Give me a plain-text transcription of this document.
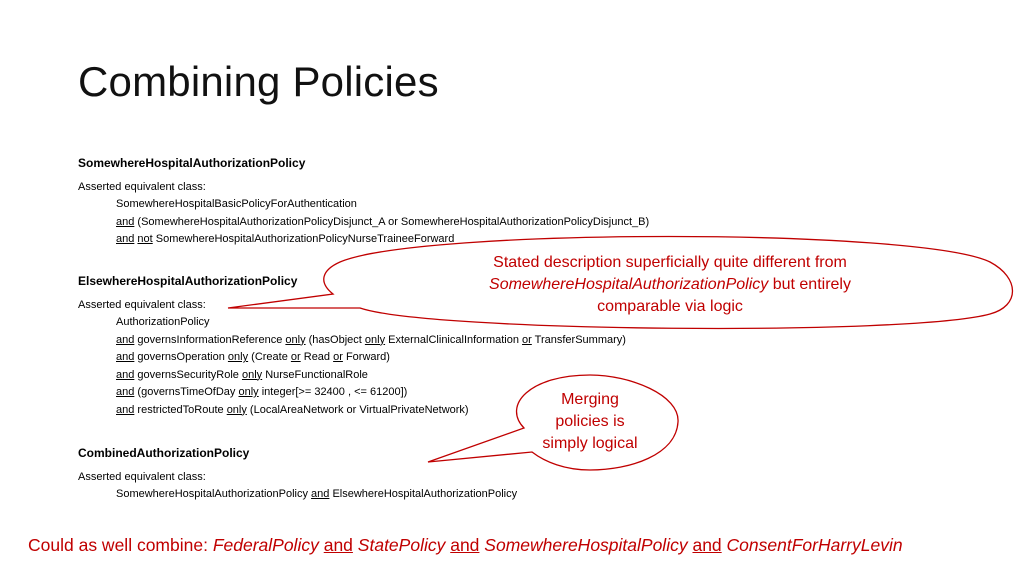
Combining Policies
SomewhereHospitalAuthorizationPolicy
Asserted equivalent class:
SomewhereHospitalBasicPolicyForAuthentication
and (SomewhereHospitalAuthorizationPolicyDisjunct_A or SomewhereHospitalAuthorizationPolicyDisjunct_B)
and not SomewhereHospitalAuthorizationPolicyNurseTraineeForward
ElsewhereHospitalAuthorizationPolicy
Asserted equivalent class:
AuthorizationPolicy
and governsInformationReference only (hasObject only ExternalClinicalInformation or TransferSummary)
and governsOperation only (Create or Read or Forward)
and governsSecurityRole only NurseFunctionalRole
and (governsTimeOfDay only integer[>= 32400 , <= 61200])
and restrictedToRoute only (LocalAreaNetwork or VirtualPrivateNetwork)
CombinedAuthorizationPolicy
Asserted equivalent class:
SomewhereHospitalAuthorizationPolicy and ElsewhereHospitalAuthorizationPolicy
Stated description superficially quite different from
SomewhereHospitalAuthorizationPolicy but entirely
comparable via logic
Merging
policies is
simply logical
Could as well combine: FederalPolicy and StatePolicy and SomewhereHospitalPolicy and ConsentForHarryLevin
